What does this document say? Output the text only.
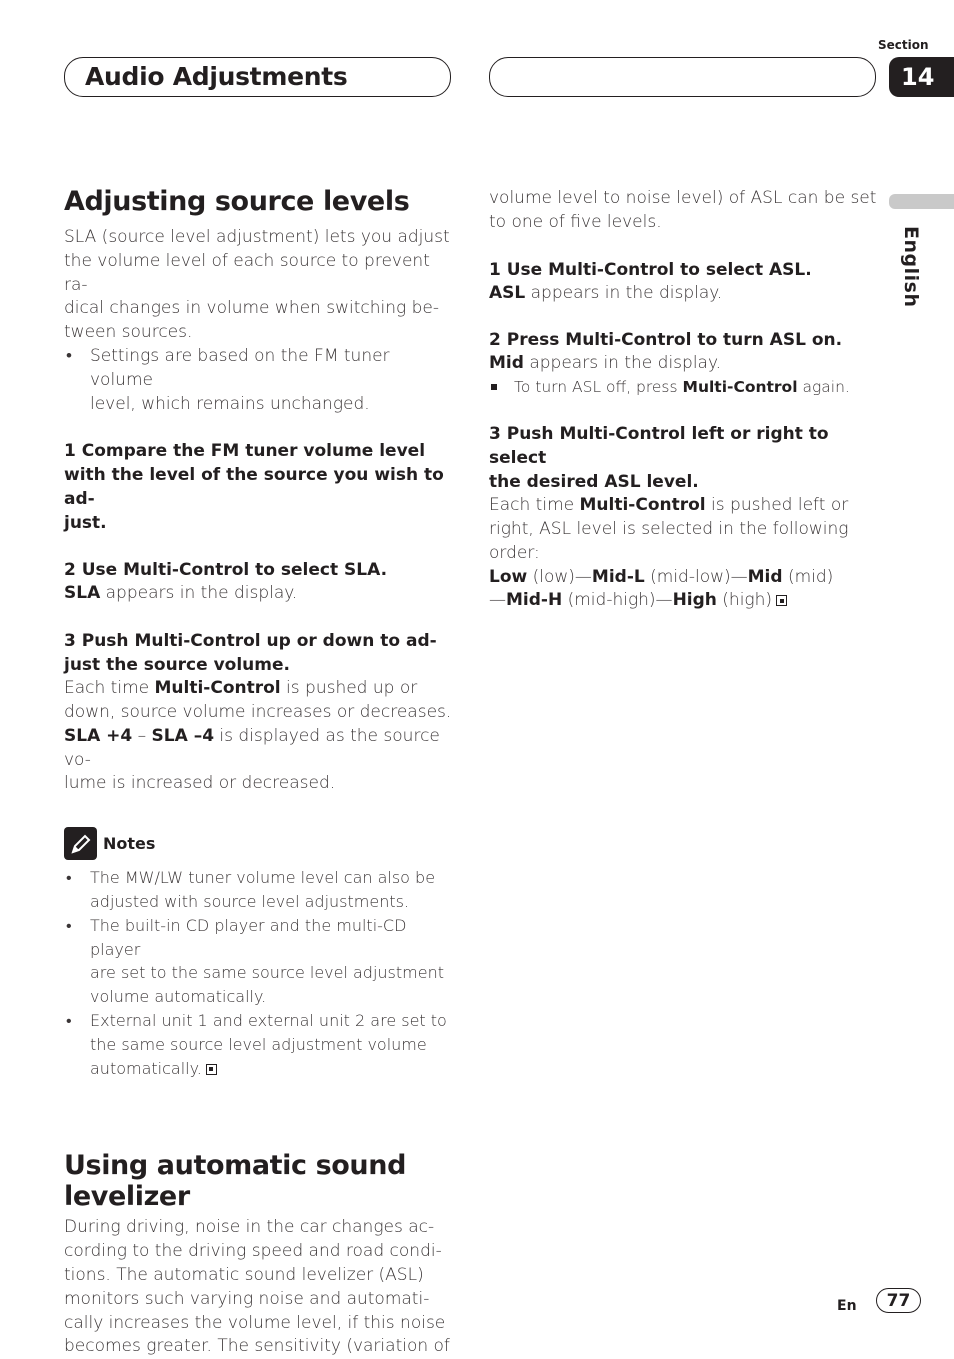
Audio Adjustments
Section
14
English
Adjusting source levels

SLA (source level adjustment) lets you adjust
the volume level of each source to prevent ra-
dical changes in volume when switching be-
tween sources.

• Settings are based on the FM tuner volume
level, which remains unchanged.

1 Compare the FM tuner volume level
with the level of the source you wish to ad-
just.

2 Use Multi-Control to select SLA.

SLA appears in the display.

3 Push Multi-Control up or down to ad-
just the source volume.

Each time Multi-Control is pushed up or
down, source volume increases or decreases.
SLA +4 – SLA –4 is displayed as the source vo-
lume is increased or decreased.

Notes

• The MW/LW tuner volume level can also be
adjusted with source level adjustments.

• The built-in CD player and the multi-CD player
are set to the same source level adjustment
volume automatically.

• External unit 1 and external unit 2 are set to
the same source level adjustment volume
automatically.

Using automatic sound
levelizer

During driving, noise in the car changes ac-
cording to the driving speed and road condi-
tions. The automatic sound levelizer (ASL)
monitors such varying noise and automati-
cally increases the volume level, if this noise
becomes greater. The sensitivity (variation of

volume level to noise level) of ASL can be set
to one of five levels.

1 Use Multi-Control to select ASL.

ASL appears in the display.

2 Press Multi-Control to turn ASL on.

Mid appears in the display.

To turn ASL off, press Multi-Control again.

3 Push Multi-Control left or right to select
the desired ASL level.

Each time Multi-Control is pushed left or
right, ASL level is selected in the following
order:
Low (low)—Mid-L (mid-low)—Mid (mid)
—Mid-H (mid-high)—High (high)

En 77
